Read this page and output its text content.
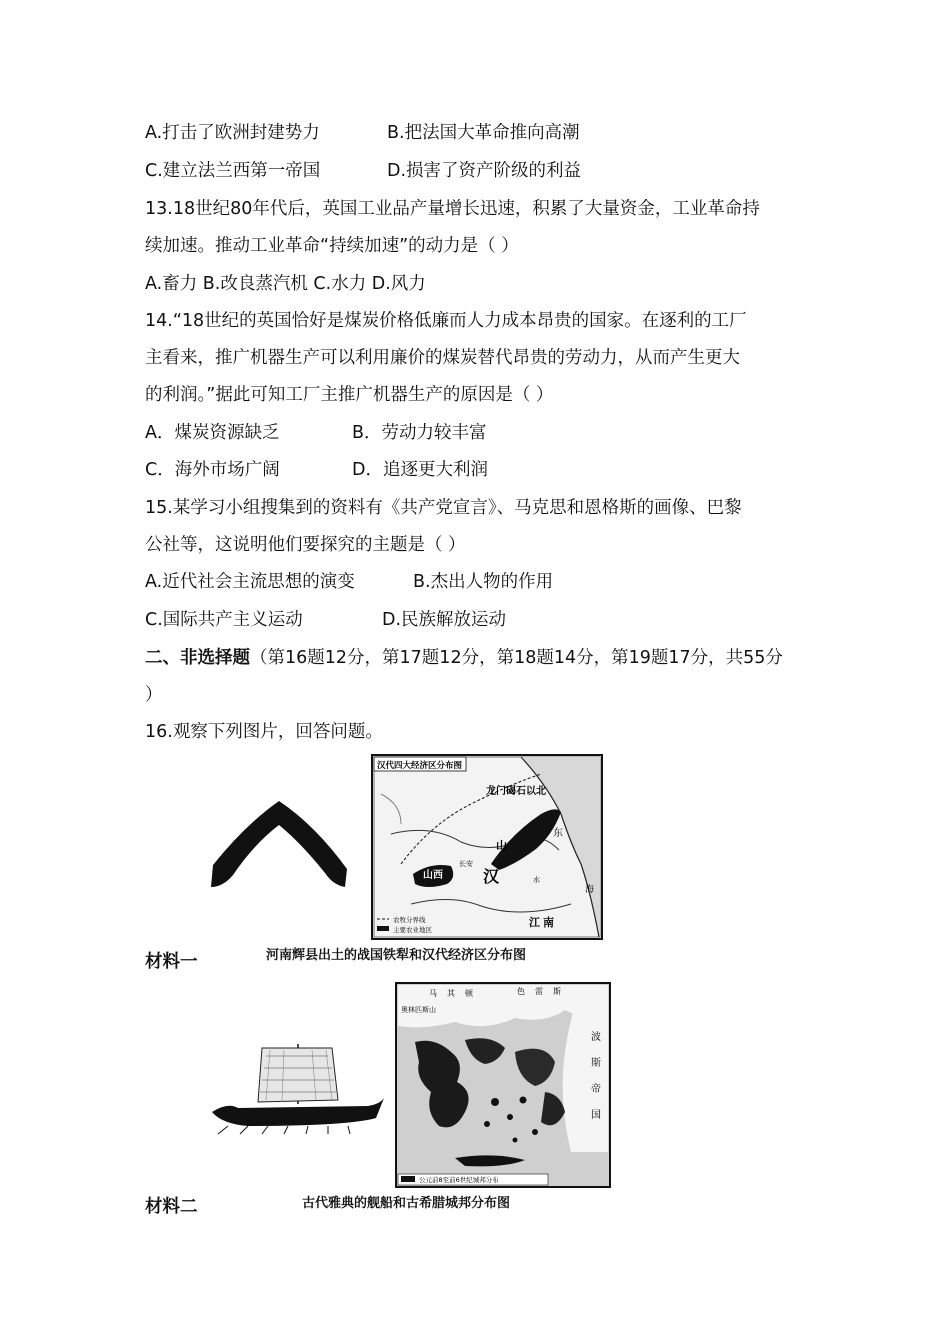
A.打击了欧洲封建势力	B.把法国大革命推向高潮
C.建立法兰西第一帝国	D.损害了资产阶级的利益
13.18世纪80年代后，英国工业品产量增长迅速，积累了大量资金，工业革命持
续加速。推动工业革命“持续加速”的动力是（ ）
A.畜力 B.改良蒸汽机 C.水力 D.风力
14.“18世纪的英国恰好是煤炭价格低廉而人力成本昂贵的国家。在逐利的工厂
主看来，推广机器生产可以利用廉价的煤炭替代昂贵的劳动力，从而产生更大
的利润。”据此可知工厂主推广机器生产的原因是（ ）
A．煤炭资源缺乏	B．劳动力较丰富
C．海外市场广阔	D．追逐更大利润
15.某学习小组搜集到的资料有《共产党宣言》、马克思和恩格斯的画像、巴黎
公社等，这说明他们要探究的主题是（ ）
A.近代社会主流思想的演变	B.杰出人物的作用
C.国际共产主义运动	D.民族解放运动
二、非选择题（第16题12分，第17题12分，第18题14分，第19题17分，共55分
）
16.观察下列图片，回答问题。
汉代四大经济区分布图
龙门碣石以北
山
东
山西	汉
长安
江 南
海
水
农牧分界线
主要农业地区
材料一	河南辉县出土的战国铁犁和汉代经济区分布图
马 其 顿	色 雷 斯
奥林匹斯山
波
斯
帝
国
公元前8至前6世纪城邦分布
材料二	古代雅典的舰船和古希腊城邦分布图
